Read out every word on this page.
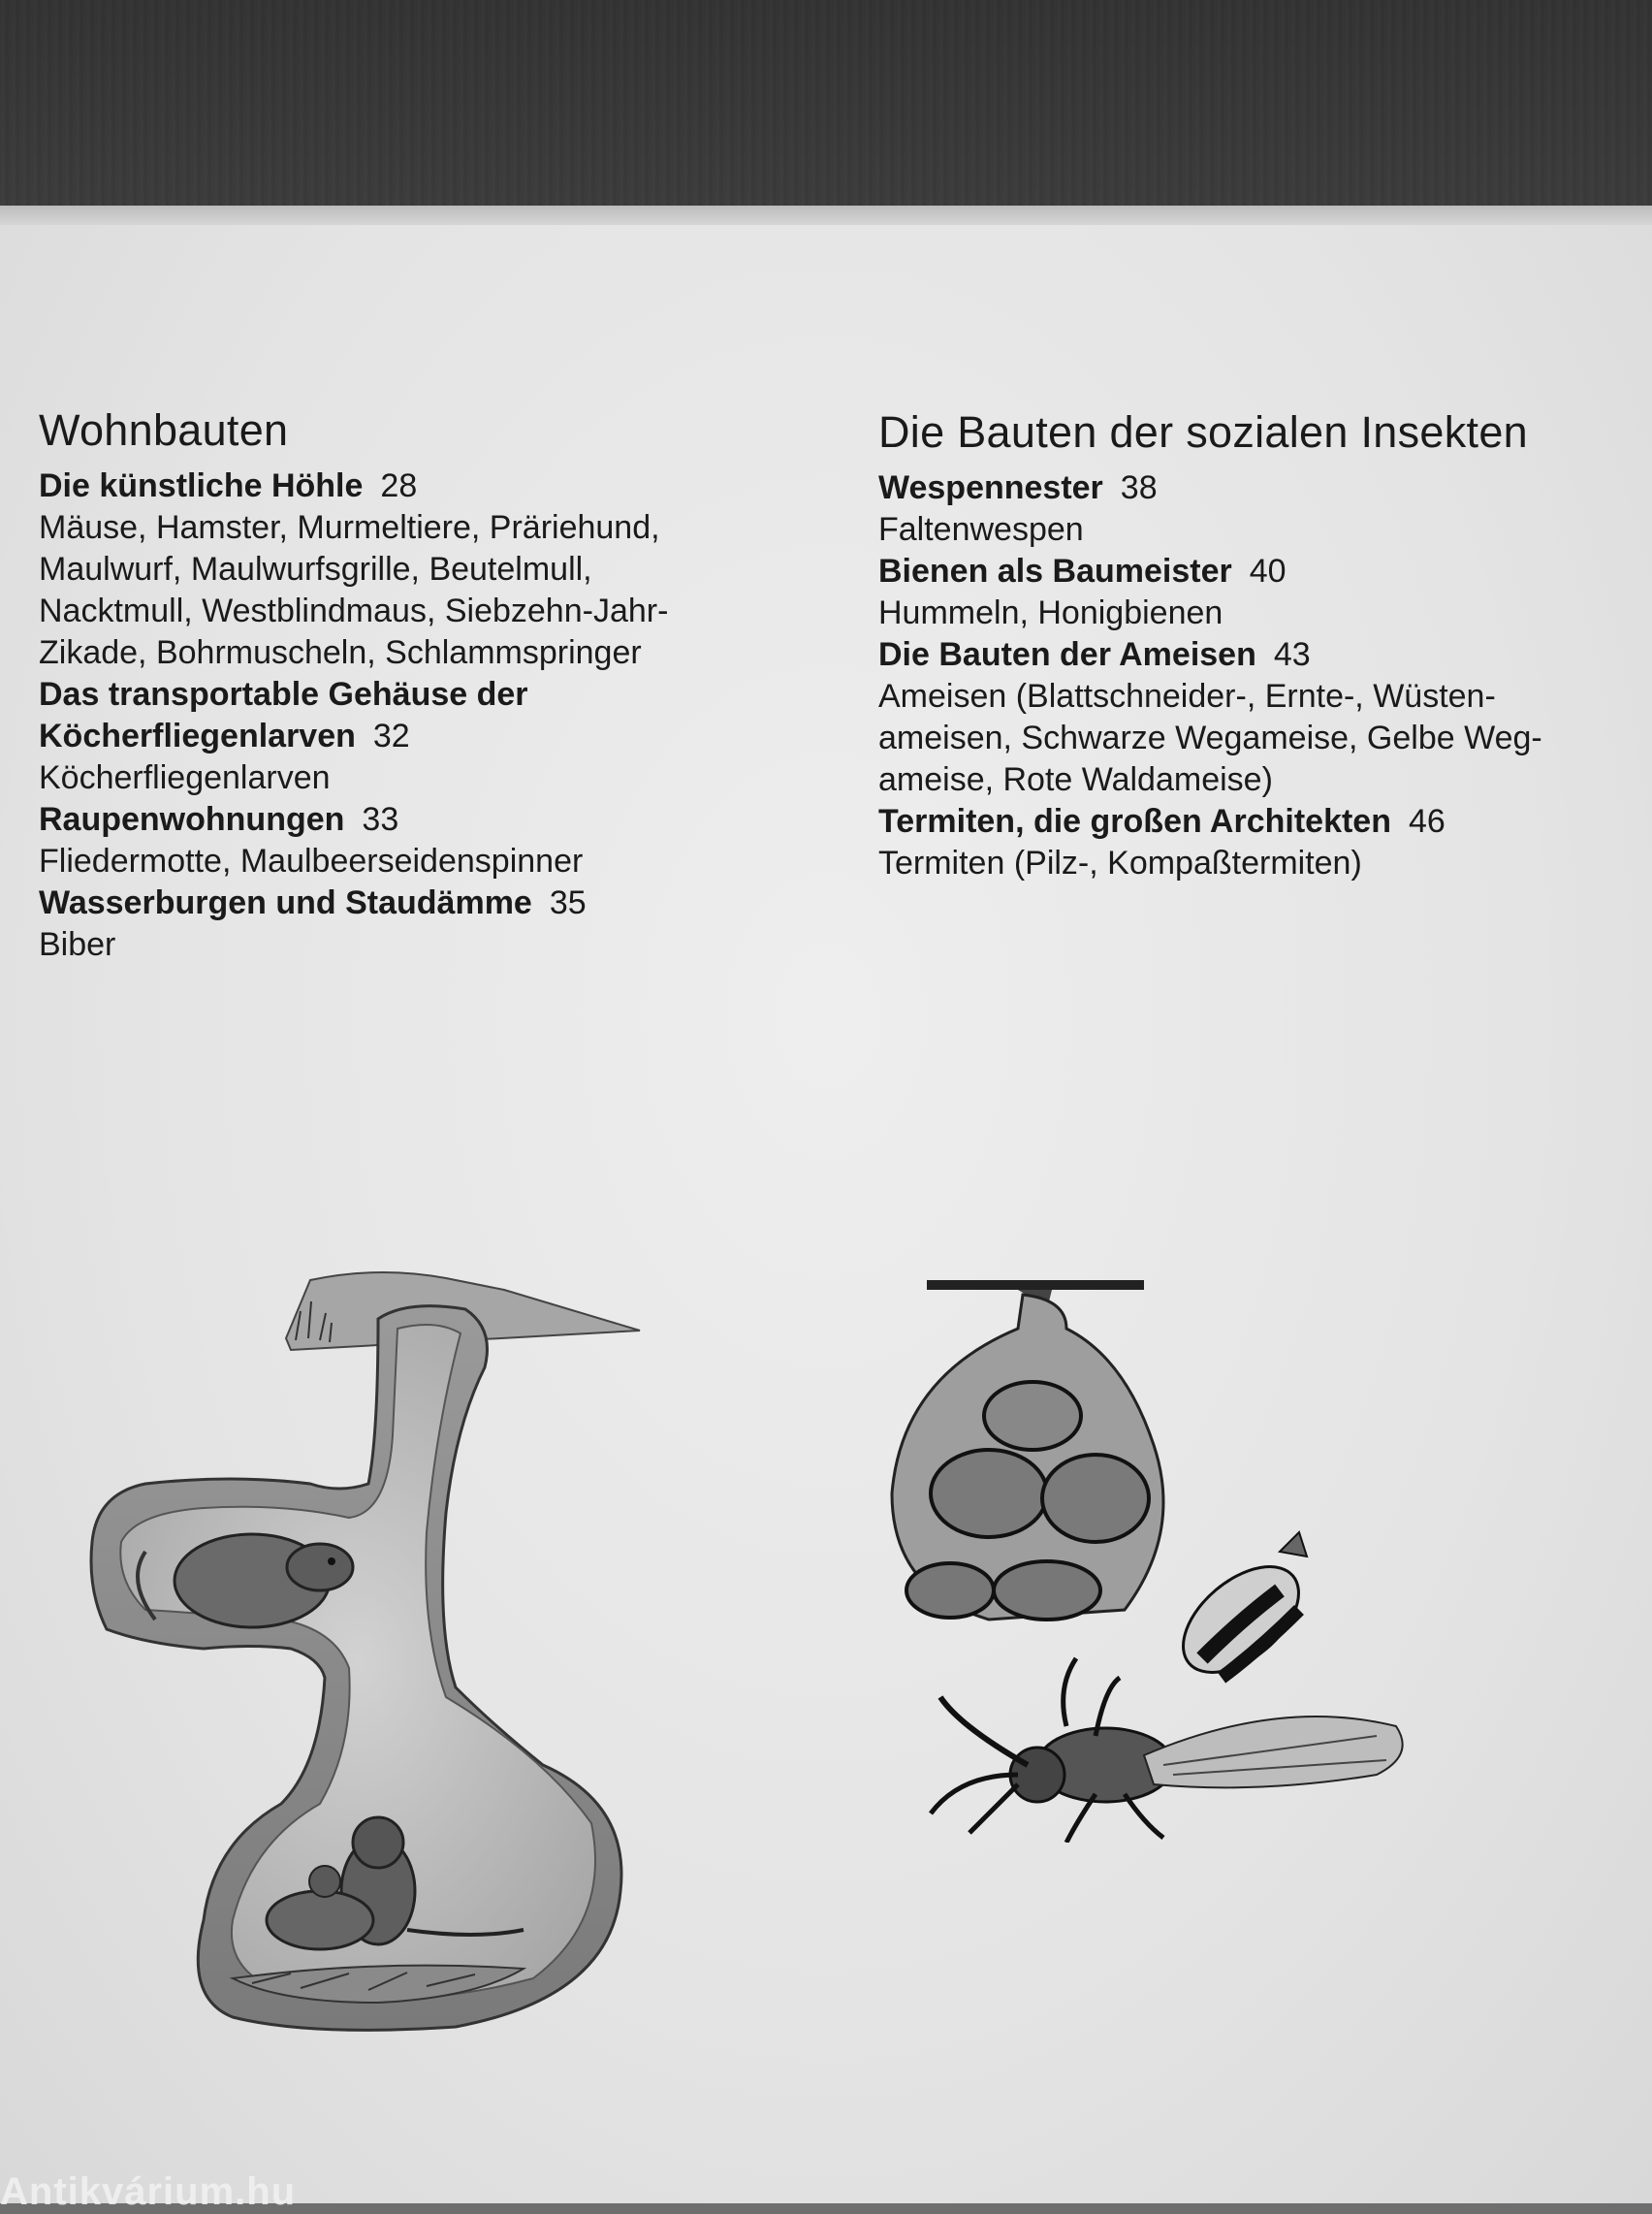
Wohnbauten
Die künstliche Höhle 28
Mäuse, Hamster, Murmeltiere, Präriehund,
Maulwurf, Maulwurfsgrille, Beutelmull,
Nacktmull, Westblindmaus, Siebzehn-Jahr-
Zikade, Bohrmuscheln, Schlammspringer
Das transportable Gehäuse der
Köcherfliegenlarven 32
Köcherfliegenlarven
Raupenwohnungen 33
Fliedermotte, Maulbeerseidenspinner
Wasserburgen und Staudämme 35
Biber
Die Bauten der sozialen Insekten
Wespennester 38
Faltenwespen
Bienen als Baumeister 40
Hummeln, Honigbienen
Die Bauten der Ameisen 43
Ameisen (Blattschneider-, Ernte-, Wüsten-
ameisen, Schwarze Wegameise, Gelbe Weg-
ameise, Rote Waldameise)
Termiten, die großen Architekten 46
Termiten (Pilz-, Kompaßtermiten)
Antikvárium.hu
